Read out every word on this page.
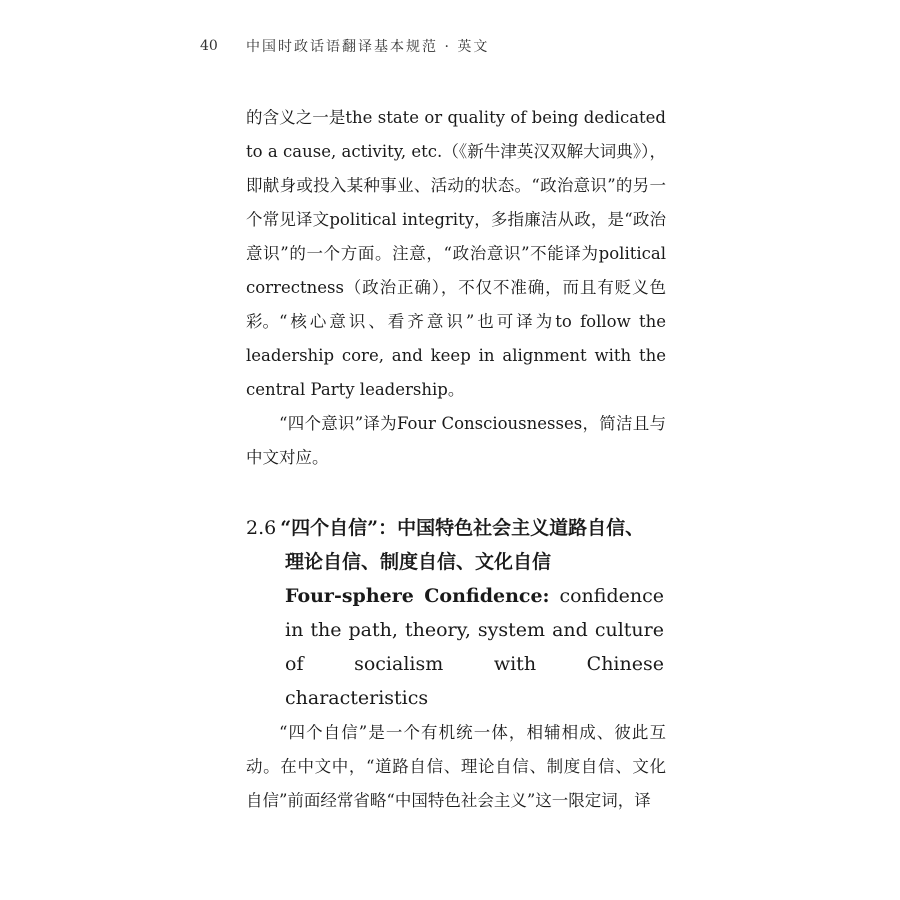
40 中国时政话语翻译基本规范 · 英文

的含义之一是the state or quality of being dedicated to a cause, activity, etc.（《新牛津英汉双解大词典》），即献身或投入某种事业、活动的状态。“政治意识”的另一个常见译文political integrity，多指廉洁从政，是“政治意识”的一个方面。注意，“政治意识”不能译为political correctness（政治正确），不仅不准确，而且有贬义色彩。 “核心意识、看齐意识”也可译为to follow the leadership core, and keep in alignment with the central Party leadership。

“四个意识”译为Four Consciousnesses，简洁且与中文对应。

2.6 “四个自信”：中国特色社会主义道路自信、
理论自信、制度自信、文化自信
Four-sphere Confidence: confidence in the path, theory, system and culture of socialism with Chinese characteristics

“四个自信”是一个有机统一体，相辅相成、彼此互动。在中文中，“道路自信、理论自信、制度自信、文化自信”前面经常省略“中国特色社会主义”这一限定词，译
